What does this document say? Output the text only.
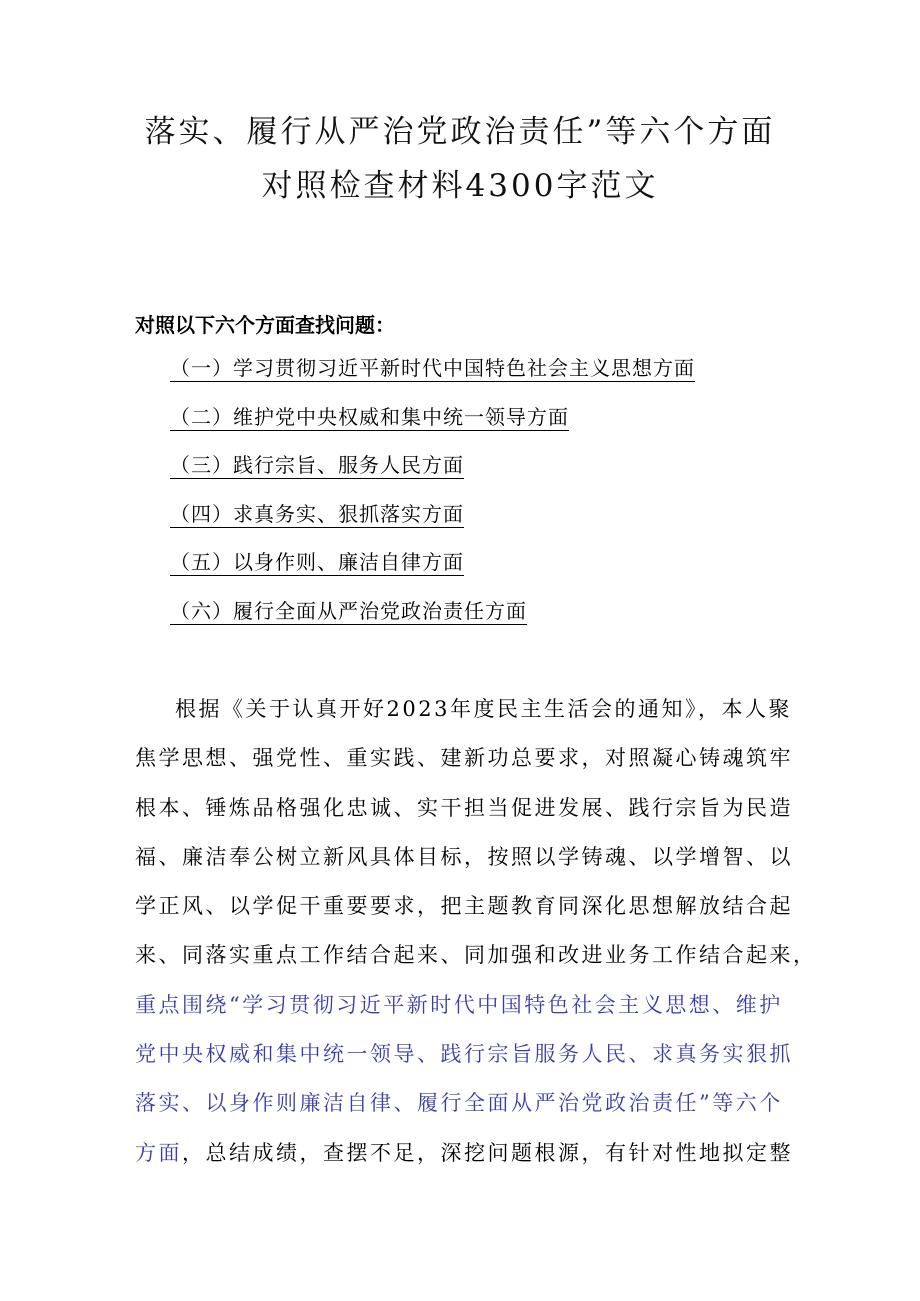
落实、履行从严治党政治责任”等六个方面
对照检查材料4300字范文
对照以下六个方面查找问题：
（一）学习贯彻习近平新时代中国特色社会主义思想方面
（二）维护党中央权威和集中统一领导方面
（三）践行宗旨、服务人民方面
（四）求真务实、狠抓落实方面
（五）以身作则、廉洁自律方面
（六）履行全面从严治党政治责任方面
根据《关于认真开好2023年度民主生活会的通知》，本人聚
焦学思想、强党性、重实践、建新功总要求，对照凝心铸魂筑牢
根本、锤炼品格强化忠诚、实干担当促进发展、践行宗旨为民造
福、廉洁奉公树立新风具体目标，按照以学铸魂、以学增智、以
学正风、以学促干重要要求，把主题教育同深化思想解放结合起
来、同落实重点工作结合起来、同加强和改进业务工作结合起来，
重点围绕“学习贯彻习近平新时代中国特色社会主义思想、维护
党中央权威和集中统一领导、践行宗旨服务人民、求真务实狠抓
落实、以身作则廉洁自律、履行全面从严治党政治责任”等六个
方面，总结成绩，查摆不足，深挖问题根源，有针对性地拟定整
